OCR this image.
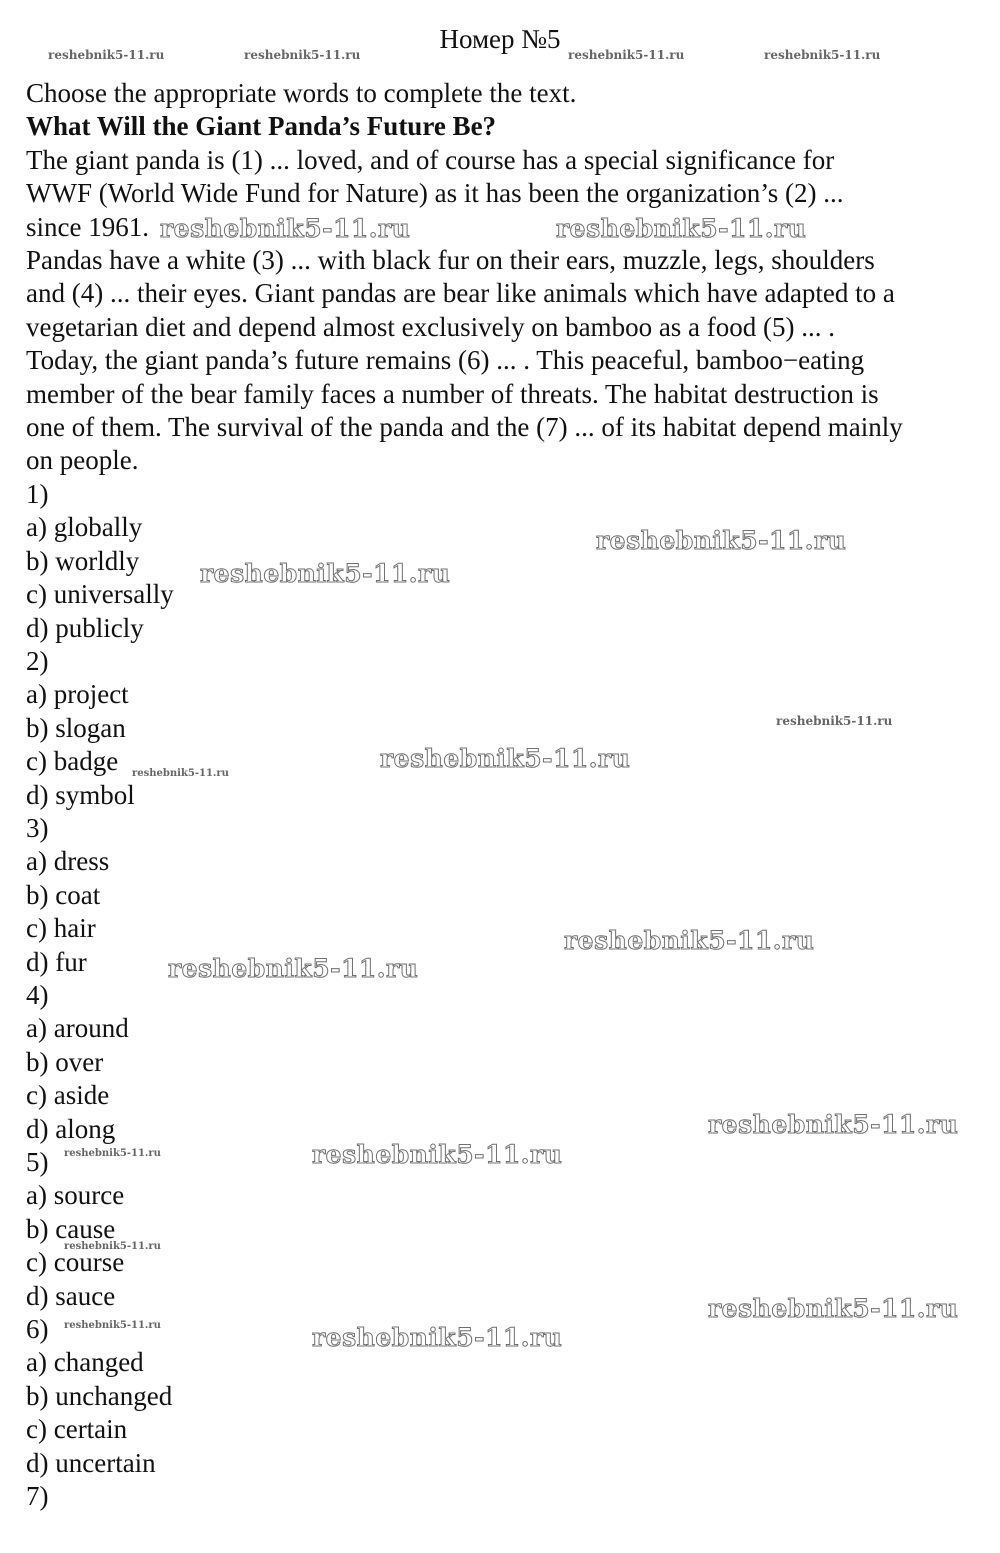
Номер №5
Choose the appropriate words to complete the text.
What Will the Giant Panda’s Future Be?
The giant panda is (1) ... loved, and of course has a special significance for
WWF (World Wide Fund for Nature) as it has been the organization’s (2) ...
since 1961.
Pandas have a white (3) ... with black fur on their ears, muzzle, legs, shoulders
and (4) ... their eyes. Giant pandas are bear like animals which have adapted to a
vegetarian diet and depend almost exclusively on bamboo as a food (5) ... .
Today, the giant panda’s future remains (6) ... . This peaceful, bamboo−eating
member of the bear family faces a number of threats. The habitat destruction is
one of them. The survival of the panda and the (7) ... of its habitat depend mainly
on people.
1)
a) globally
b) worldly
c) universally
d) publicly
2)
a) project
b) slogan
c) badge
d) symbol
3)
a) dress
b) coat
c) hair
d) fur
4)
a) around
b) over
c) aside
d) along
5)
a) source
b) cause
c) course
d) sauce
6)
a) changed
b) unchanged
c) certain
d) uncertain
7)
reshebnik5-11.ru	reshebnik5-11.ru	reshebnik5-11.ru	reshebnik5-11.ru
reshebnik5-11.ru	reshebnik5-11.ru
reshebnik5-11.ru
reshebnik5-11.ru
reshebnik5-11.ru
reshebnik5-11.ru
reshebnik5-11.ru
reshebnik5-11.ru
reshebnik5-11.ru
reshebnik5-11.ru
reshebnik5-11.ru
reshebnik5-11.ru
reshebnik5-11.ru
reshebnik5-11.ru
reshebnik5-11.ru	reshebnik5-11.ru
